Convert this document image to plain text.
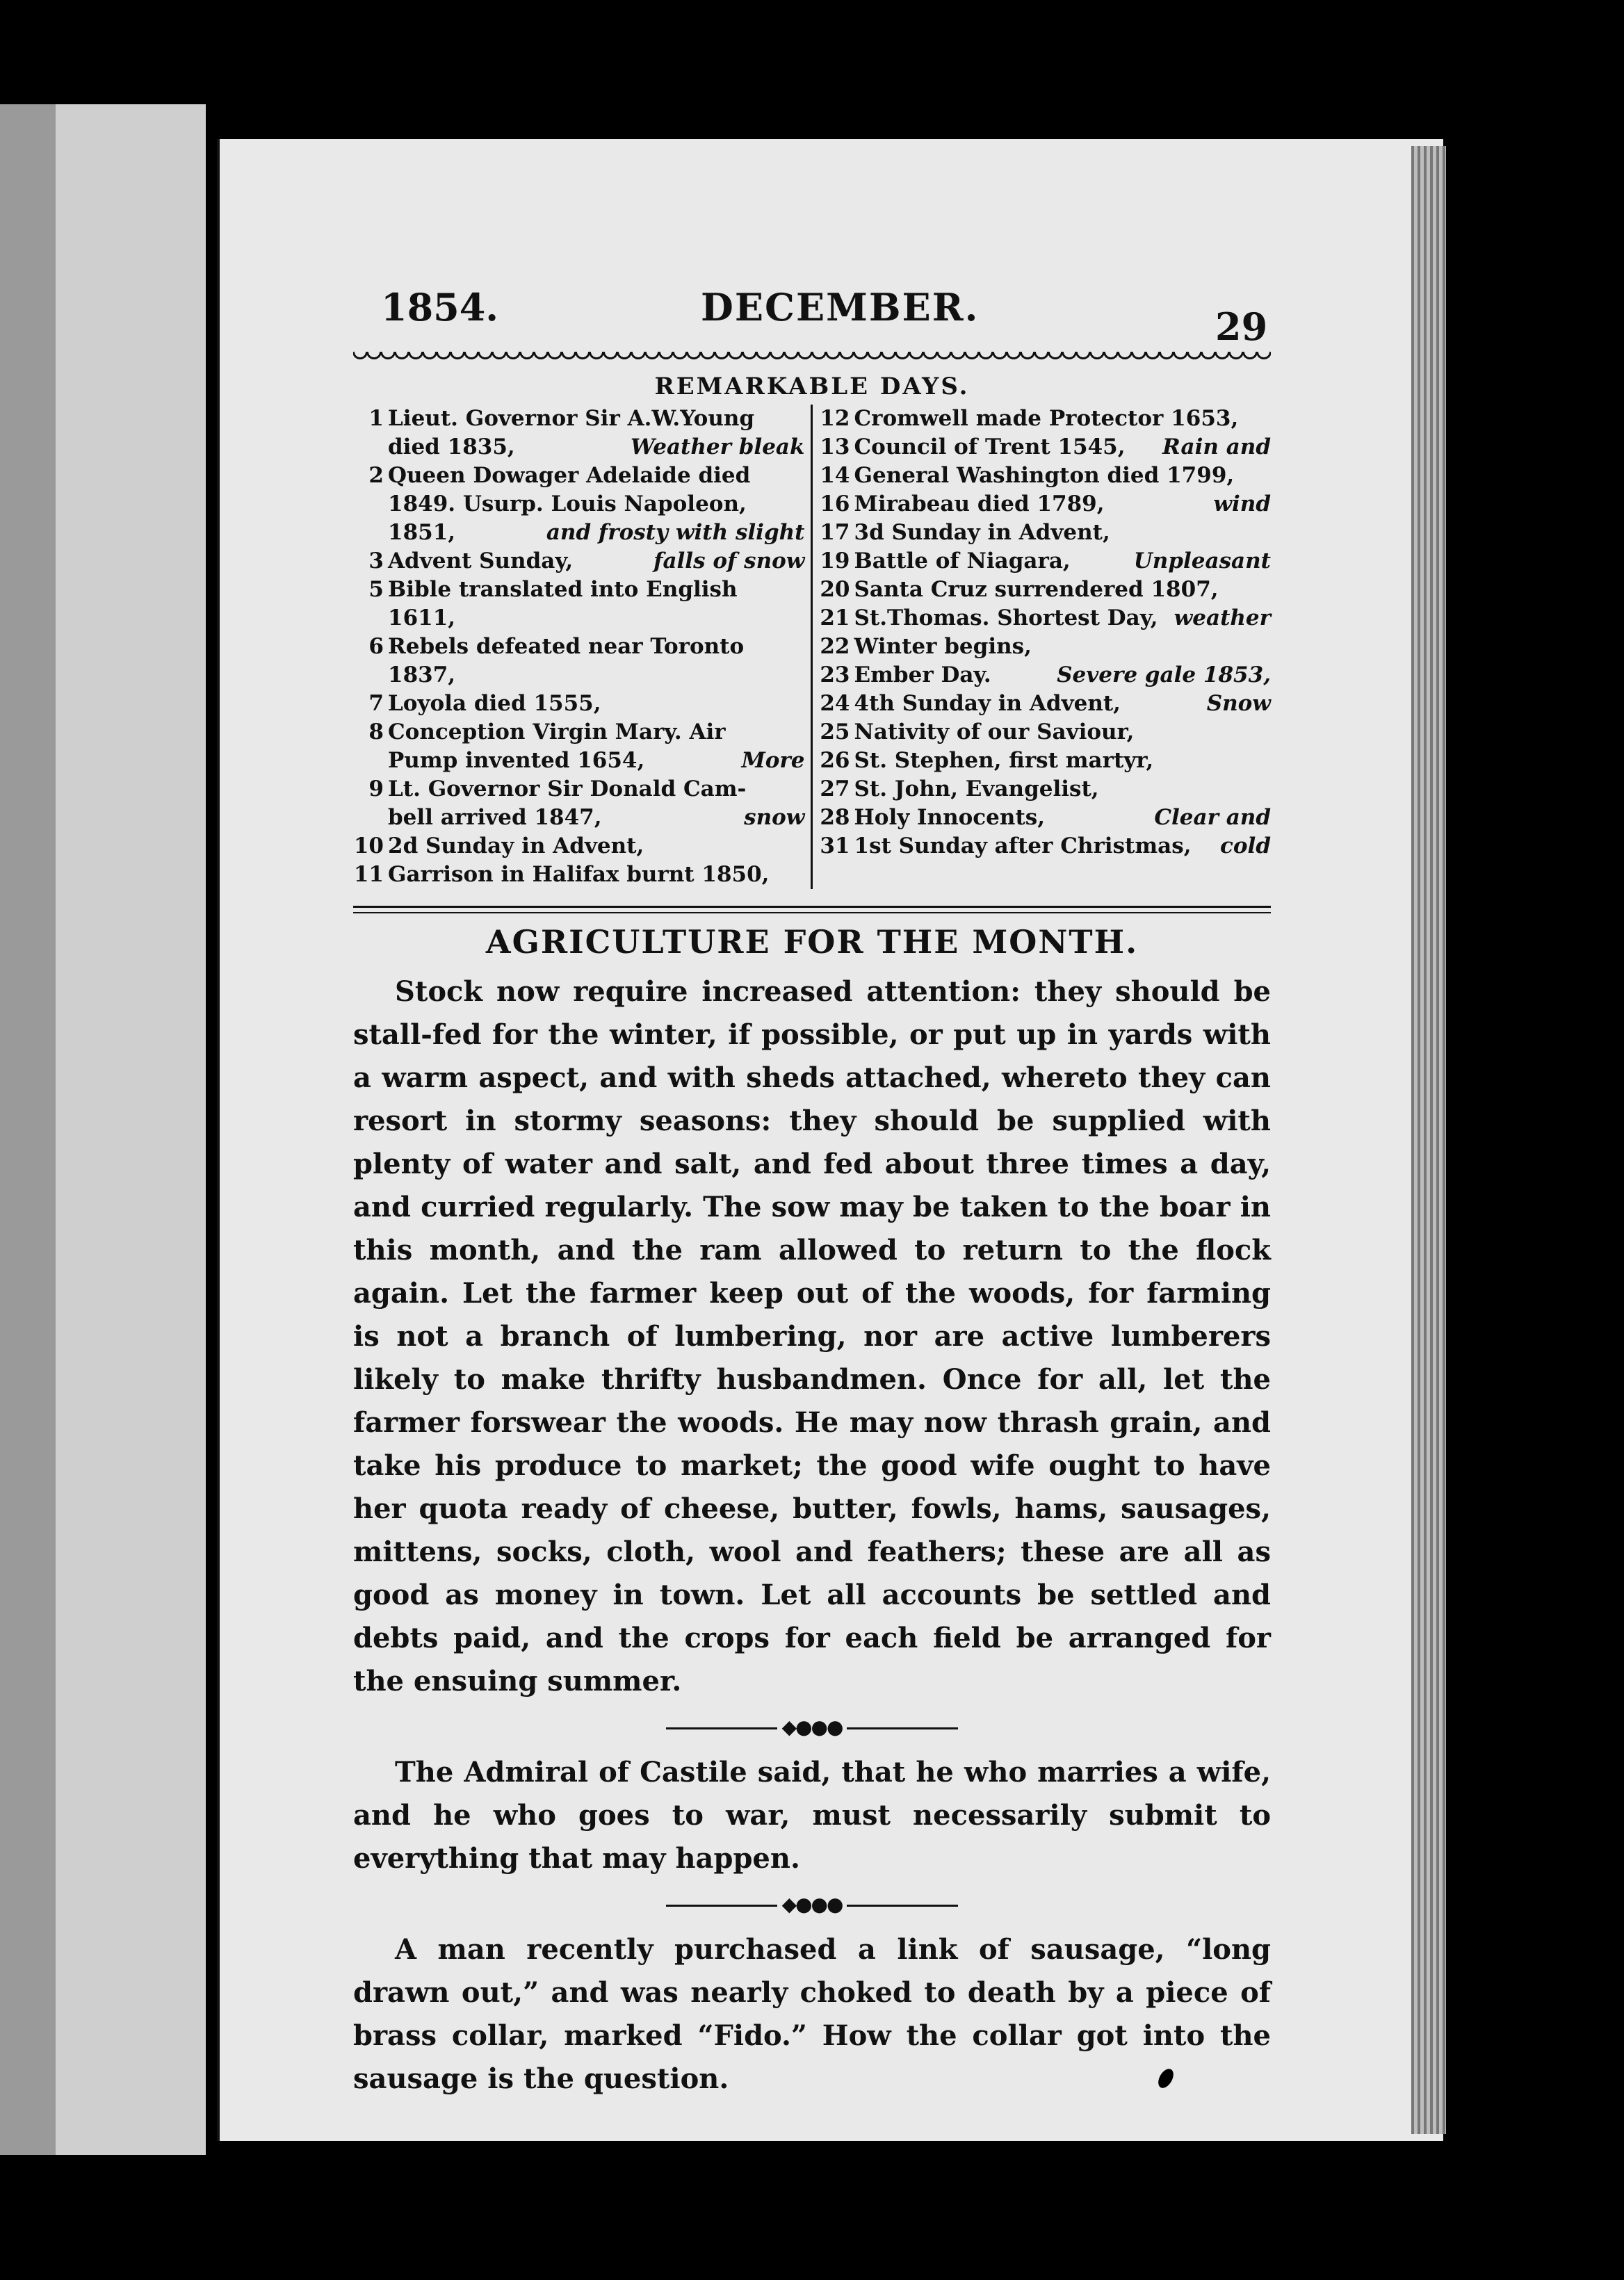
1854.	DECEMBER.	29
REMARKABLE DAYS.
1 Lieut. Governor Sir A.W.Young
died 1835,	Weather bleak
2 Queen Dowager Adelaide died
1849. Usurp. Louis Napoleon,
1851,	and frosty with slight
3 Advent Sunday,	falls of snow
5 Bible translated into English
1611,
6 Rebels defeated near Toronto
1837,
7 Loyola died 1555,
8 Conception Virgin Mary. Air
Pump invented 1654,	More
9 Lt. Governor Sir Donald Cam-
bell arrived 1847,	snow
10 2d Sunday in Advent,
11 Garrison in Halifax burnt 1850,
12 Cromwell made Protector 1653,
13 Council of Trent 1545, Rain and
14 General Washington died 1799,
16 Mirabeau died 1789,	wind
17 3d Sunday in Advent,
19 Battle of Niagara,	Unpleasant
20 Santa Cruz surrendered 1807,
21 St.Thomas. Shortest Day, weather
22 Winter begins,
23 Ember Day.	Severe gale 1853,
24 4th Sunday in Advent,	Snow
25 Nativity of our Saviour,
26 St. Stephen, first martyr,
27 St. John, Evangelist,
28 Holy Innocents,	Clear and
31 1st Sunday after Christmas, cold
AGRICULTURE FOR THE MONTH.

Stock now require increased attention: they should be stall-fed for the winter, if possible, or put up in yards with a warm aspect, and with sheds attached, whereto they can resort in stormy seasons: they should be supplied with plenty of water and salt, and fed about three times a day, and curried regularly. The sow may be taken to the boar in this month, and the ram allowed to return to the flock again. Let the farmer keep out of the woods, for farming is not a branch of lumbering, nor are active lumberers likely to make thrifty husbandmen. Once for all, let the farmer forswear the woods. He may now thrash grain, and take his produce to market; the good wife ought to have her quota ready of cheese, butter, fowls, hams, sausages, mittens, socks, cloth, wool and feathers; these are all as good as money in town. Let all accounts be settled and debts paid, and the crops for each field be arranged for the ensuing summer.

◆●●●

The Admiral of Castile said, that he who marries a wife, and he who goes to war, must necessarily submit to everything that may happen.

◆●●●

A man recently purchased a link of sausage, “long drawn out,” and was nearly choked to death by a piece of brass collar, marked “Fido.” How the collar got into the sausage is the question.
